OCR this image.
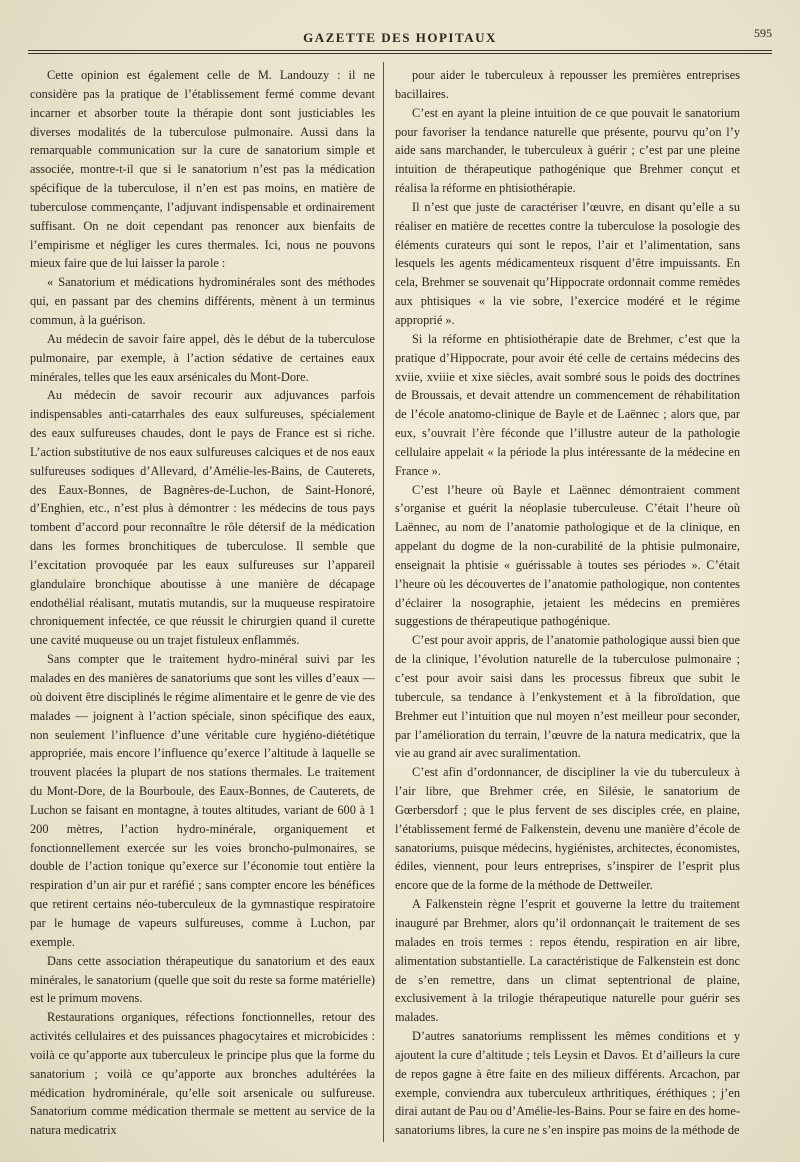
GAZETTE DES HOPITAUX	595

Cette opinion est également celle de M. Landouzy : il ne considère pas la pratique de l’établissement fermé comme devant incarner et absorber toute la thérapie dont sont justiciables les diverses modalités de la tuberculose pulmonaire. Aussi dans la remarquable communication sur la cure de sanatorium simple et associée, montre-t-il que si le sanatorium n’est pas la médication spécifique de la tuberculose, il n’en est pas moins, en matière de tuberculose commençante, l’adjuvant indispensable et ordinairement suffisant. On ne doit cependant pas renoncer aux bienfaits de l’empirisme et négliger les cures thermales. Ici, nous ne pouvons mieux faire que de lui laisser la parole :

« Sanatorium et médications hydrominérales sont des méthodes qui, en passant par des chemins différents, mènent à un terminus commun, à la guérison.

Au médecin de savoir faire appel, dès le début de la tuberculose pulmonaire, par exemple, à l’action sédative de certaines eaux minérales, telles que les eaux arsénicales du Mont-Dore.

Au médecin de savoir recourir aux adjuvances parfois indispensables anti-catarrhales des eaux sulfureuses, spécialement des eaux sulfureuses chaudes, dont le pays de France est si riche. L’action substitutive de nos eaux sulfureuses calciques et de nos eaux sulfureuses sodiques d’Allevard, d’Amélie-les-Bains, de Cauterets, des Eaux-Bonnes, de Bagnères-de-Luchon, de Saint-Honoré, d’Enghien, etc., n’est plus à démontrer : les médecins de tous pays tombent d’accord pour reconnaître le rôle détersif de la médication dans les formes bronchitiques de tuberculose. Il semble que l’excitation provoquée par les eaux sulfureuses sur l’appareil glandulaire bronchique aboutisse à une manière de décapage endothélial réalisant, mutatis mutandis, sur la muqueuse respiratoire chroniquement infectée, ce que réussit le chirurgien quand il curette une cavité muqueuse ou un trajet fistuleux enflammés.

Sans compter que le traitement hydro-minéral suivi par les malades en des manières de sanatoriums que sont les villes d’eaux — où doivent être disciplinés le régime alimentaire et le genre de vie des malades — joignent à l’action spéciale, sinon spécifique des eaux, non seulement l’influence d’une véritable cure hygiéno-diététique appropriée, mais encore l’influence qu’exerce l’altitude à laquelle se trouvent placées la plupart de nos stations thermales. Le traitement du Mont-Dore, de la Bourboule, des Eaux-Bonnes, de Cauterets, de Luchon se faisant en montagne, à toutes altitudes, variant de 600 à 1 200 mètres, l’action hydro-minérale, organiquement et fonctionnellement exercée sur les voies broncho-pulmonaires, se double de l’action tonique qu’exerce sur l’économie tout entière la respiration d’un air pur et raréfié ; sans compter encore les bénéfices que retirent certains néo-tuberculeux de la gymnastique respiratoire par le humage de vapeurs sulfureuses, comme à Luchon, par exemple.

Dans cette association thérapeutique du sanatorium et des eaux minérales, le sanatorium (quelle que soit du reste sa forme matérielle) est le primum movens.

Restaurations organiques, réfections fonctionnelles, retour des activités cellulaires et des puissances phagocytaires et microbicides : voilà ce qu’apporte aux tuberculeux le principe plus que la forme du sanatorium ; voilà ce qu’apporte aux bronches adultérées la médication hydrominérale, qu’elle soit arsenicale ou sulfureuse. Sanatorium comme médication thermale se mettent au service de la natura medicatrix

pour aider le tuberculeux à repousser les premières entreprises bacillaires.

C’est en ayant la pleine intuition de ce que pouvait le sanatorium pour favoriser la tendance naturelle que présente, pourvu qu’on l’y aide sans marchander, le tuberculeux à guérir ; c’est par une pleine intuition de thérapeutique pathogénique que Brehmer conçut et réalisa la réforme en phtisiothérapie.

Il n’est que juste de caractériser l’œuvre, en disant qu’elle a su réaliser en matière de recettes contre la tuberculose la posologie des éléments curateurs qui sont le repos, l’air et l’alimentation, sans lesquels les agents médicamenteux risquent d’être impuissants. En cela, Brehmer se souvenait qu’Hippocrate ordonnait comme remèdes aux phtisiques « la vie sobre, l’exercice modéré et le régime approprié ».

Si la réforme en phtisiothérapie date de Brehmer, c’est que la pratique d’Hippocrate, pour avoir été celle de certains médecins des xviie, xviiie et xixe siècles, avait sombré sous le poids des doctrines de Broussais, et devait attendre un commencement de réhabilitation de l’école anatomo-clinique de Bayle et de Laënnec ; alors que, par eux, s’ouvrait l’ère féconde que l’illustre auteur de la pathologie cellulaire appelait « la période la plus intéressante de la médecine en France ».

C’est l’heure où Bayle et Laënnec démontraient comment s’organise et guérit la néoplasie tuberculeuse. C’était l’heure où Laënnec, au nom de l’anatomie pathologique et de la clinique, en appelant du dogme de la non-curabilité de la phtisie pulmonaire, enseignait la phtisie « guérissable à toutes ses périodes ». C’était l’heure où les découvertes de l’anatomie pathologique, non contentes d’éclairer la nosographie, jetaient les médecins en premières suggestions de thérapeutique pathogénique.

C’est pour avoir appris, de l’anatomie pathologique aussi bien que de la clinique, l’évolution naturelle de la tuberculose pulmonaire ; c’est pour avoir saisi dans les processus fibreux que subit le tubercule, sa tendance à l’enkystement et à la fibroïdation, que Brehmer eut l’intuition que nul moyen n’est meilleur pour seconder, par l’amélioration du terrain, l’œuvre de la natura medicatrix, que la vie au grand air avec suralimentation.

C’est afin d’ordonnancer, de discipliner la vie du tuberculeux à l’air libre, que Brehmer crée, en Silésie, le sanatorium de Gœrbersdorf ; que le plus fervent de ses disciples crée, en plaine, l’établissement fermé de Falkenstein, devenu une manière d’école de sanatoriums, puisque médecins, hygiénistes, architectes, économistes, édiles, viennent, pour leurs entreprises, s’inspirer de l’esprit plus encore que de la forme de la méthode de Dettweiler.

A Falkenstein règne l’esprit et gouverne la lettre du traitement inauguré par Brehmer, alors qu’il ordonnançait le traitement de ses malades en trois termes : repos étendu, respiration en air libre, alimentation substantielle. La caractéristique de Falkenstein est donc de s’en remettre, dans un climat septentrional de plaine, exclusivement à la trilogie thérapeutique naturelle pour guérir ses malades.

D’autres sanatoriums remplissent les mêmes conditions et y ajoutent la cure d’altitude ; tels Leysin et Davos. Et d’ailleurs la cure de repos gagne à être faite en des milieux différents. Arcachon, par exemple, conviendra aux tuberculeux arthritiques, éréthiques ; j’en dirai autant de Pau ou d’Amélie-les-Bains. Pour se faire en des home-sanatoriums libres, la cure ne s’en inspire pas moins de la méthode de
